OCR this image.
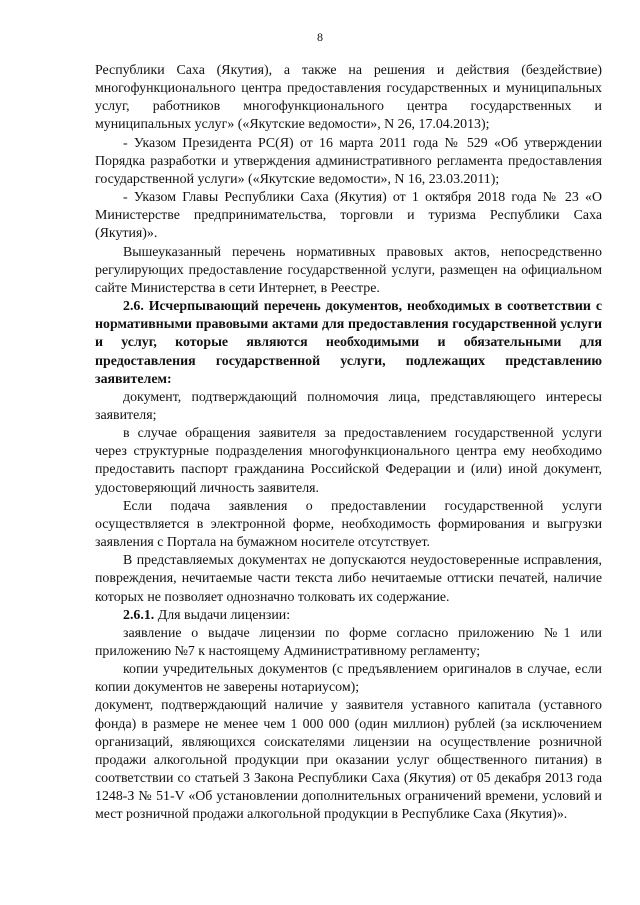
8

Республики Саха (Якутия), а также на решения и действия (бездействие) многофункционального центра предоставления государственных и муниципальных услуг, работников многофункционального центра государственных и муниципальных услуг» («Якутские ведомости», N 26, 17.04.2013);

- Указом Президента РС(Я) от 16 марта 2011 года № 529 «Об утверждении Порядка разработки и утверждения административного регламента предоставления государственной услуги» («Якутские ведомости», N 16, 23.03.2011);

- Указом Главы Республики Саха (Якутия) от 1 октября 2018 года № 23 «О Министерстве предпринимательства, торговли и туризма Республики Саха (Якутия)».

Вышеуказанный перечень нормативных правовых актов, непосредственно регулирующих предоставление государственной услуги, размещен на официальном сайте Министерства в сети Интернет, в Реестре.

2.6. Исчерпывающий перечень документов, необходимых в соответствии с нормативными правовыми актами для предоставления государственной услуги и услуг, которые являются необходимыми и обязательными для предоставления государственной услуги, подлежащих представлению заявителем:

документ, подтверждающий полномочия лица, представляющего интересы заявителя;

в случае обращения заявителя за предоставлением государственной услуги через структурные подразделения многофункционального центра ему необходимо предоставить паспорт гражданина Российской Федерации и (или) иной документ, удостоверяющий личность заявителя.

Если подача заявления о предоставлении государственной услуги осуществляется в электронной форме, необходимость формирования и выгрузки заявления с Портала на бумажном носителе отсутствует.

В представляемых документах не допускаются неудостоверенные исправления, повреждения, нечитаемые части текста либо нечитаемые оттиски печатей, наличие которых не позволяет однозначно толковать их содержание.

2.6.1. Для выдачи лицензии:

заявление о выдаче лицензии по форме согласно приложению №1 или приложению №7 к настоящему Административному регламенту;

копии учредительных документов (с предъявлением оригиналов в случае, если копии документов не заверены нотариусом);

документ, подтверждающий наличие у заявителя уставного капитала (уставного фонда) в размере не менее чем 1 000 000 (один миллион) рублей (за исключением организаций, являющихся соискателями лицензии на осуществление розничной продажи алкогольной продукции при оказании услуг общественного питания) в соответствии со статьей 3 Закона Республики Саха (Якутия) от 05 декабря 2013 года 1248-З № 51-V «Об установлении дополнительных ограничений времени, условий и мест розничной продажи алкогольной продукции в Республике Саха (Якутия)».
